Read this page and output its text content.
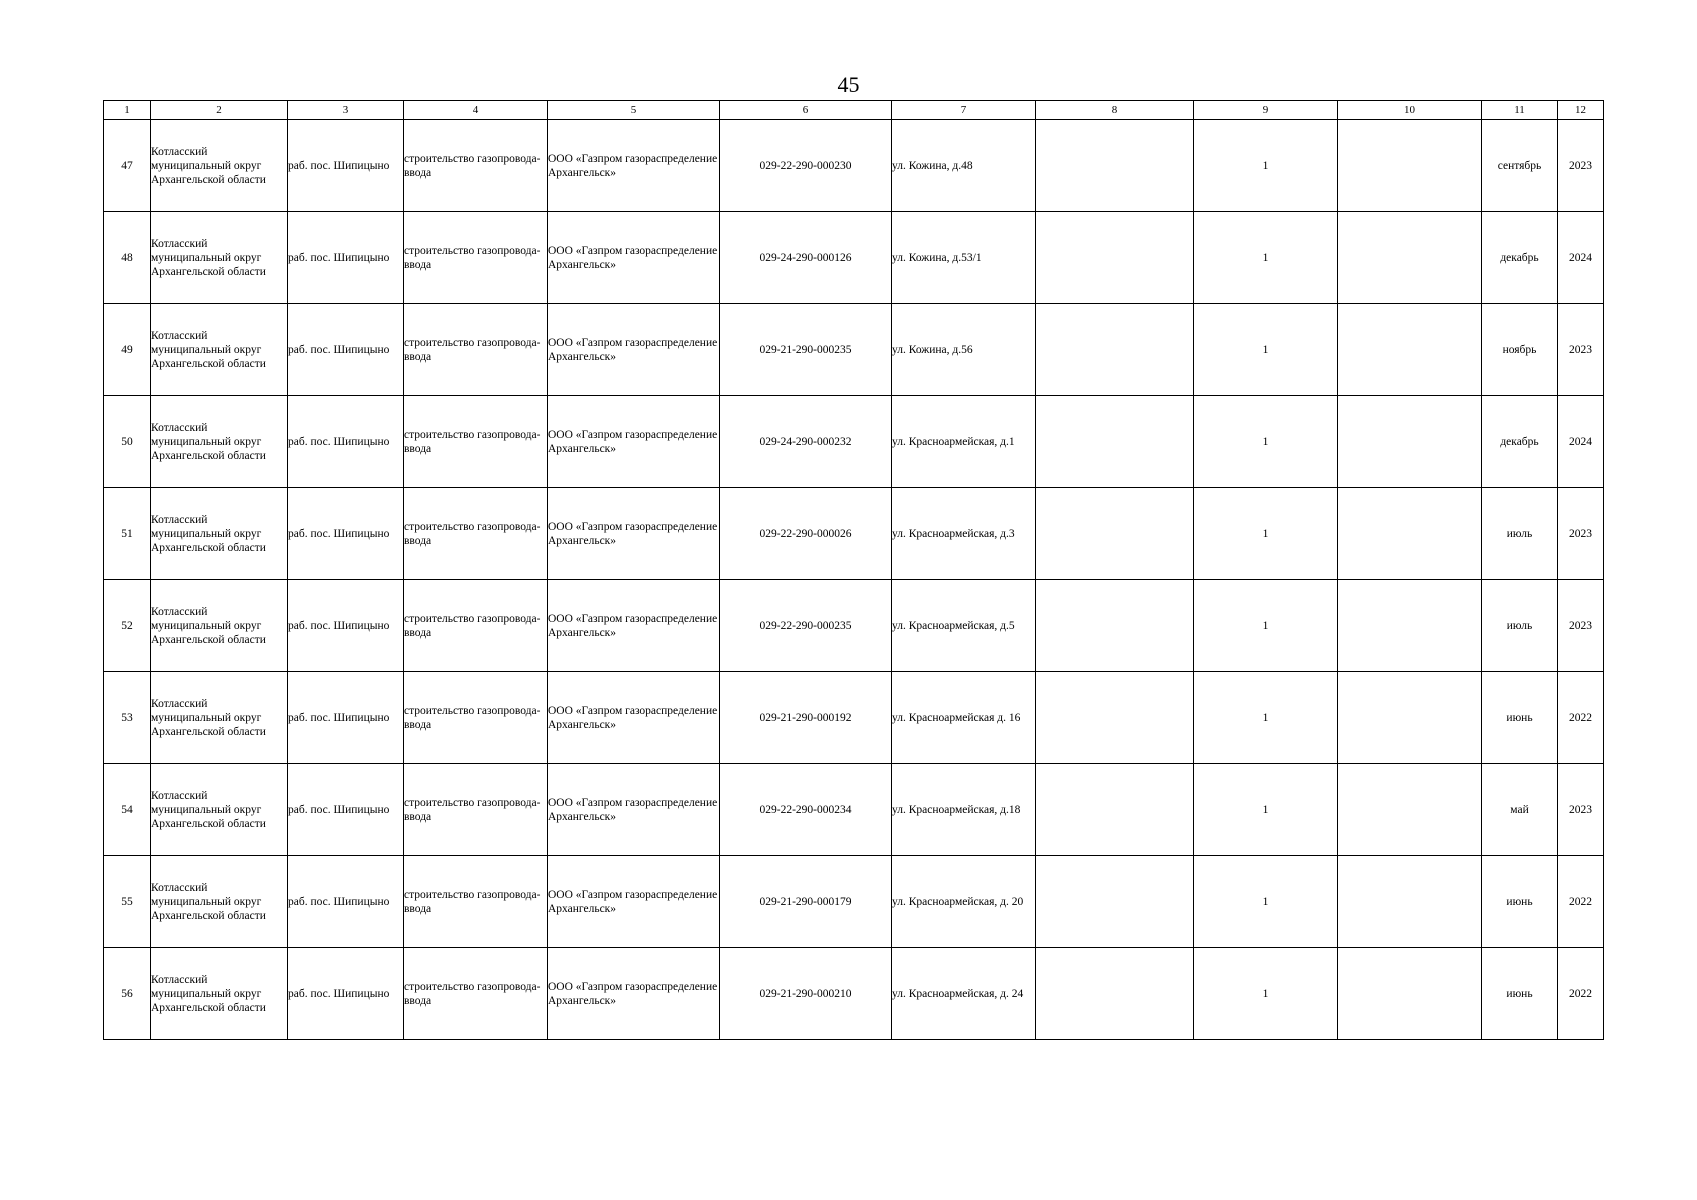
45
1	2	3	4	5	6	7	8	9	10	11	12
47	Котласский муниципальный округ Архангельской области	раб. пос. Шипицыно	строительство газопровода-ввода	ООО «Газпром газораспределение Архангельск»	029-22-290-000230	ул. Кожина, д.48		1		сентябрь	2023
48	Котласский муниципальный округ Архангельской области	раб. пос. Шипицыно	строительство газопровода-ввода	ООО «Газпром газораспределение Архангельск»	029-24-290-000126	ул. Кожина, д.53/1		1		декабрь	2024
49	Котласский муниципальный округ Архангельской области	раб. пос. Шипицыно	строительство газопровода-ввода	ООО «Газпром газораспределение Архангельск»	029-21-290-000235	ул. Кожина, д.56		1		ноябрь	2023
50	Котласский муниципальный округ Архангельской области	раб. пос. Шипицыно	строительство газопровода-ввода	ООО «Газпром газораспределение Архангельск»	029-24-290-000232	ул. Красноармейская, д.1		1		декабрь	2024
51	Котласский муниципальный округ Архангельской области	раб. пос. Шипицыно	строительство газопровода-ввода	ООО «Газпром газораспределение Архангельск»	029-22-290-000026	ул. Красноармейская, д.3		1		июль	2023
52	Котласский муниципальный округ Архангельской области	раб. пос. Шипицыно	строительство газопровода-ввода	ООО «Газпром газораспределение Архангельск»	029-22-290-000235	ул. Красноармейская, д.5		1		июль	2023
53	Котласский муниципальный округ Архангельской области	раб. пос. Шипицыно	строительство газопровода-ввода	ООО «Газпром газораспределение Архангельск»	029-21-290-000192	ул. Красноармейская д. 16		1		июнь	2022
54	Котласский муниципальный округ Архангельской области	раб. пос. Шипицыно	строительство газопровода-ввода	ООО «Газпром газораспределение Архангельск»	029-22-290-000234	ул. Красноармейская, д.18		1		май	2023
55	Котласский муниципальный округ Архангельской области	раб. пос. Шипицыно	строительство газопровода-ввода	ООО «Газпром газораспределение Архангельск»	029-21-290-000179	ул. Красноармейская, д. 20		1		июнь	2022
56	Котласский муниципальный округ Архангельской области	раб. пос. Шипицыно	строительство газопровода-ввода	ООО «Газпром газораспределение Архангельск»	029-21-290-000210	ул. Красноармейская, д. 24		1		июнь	2022
